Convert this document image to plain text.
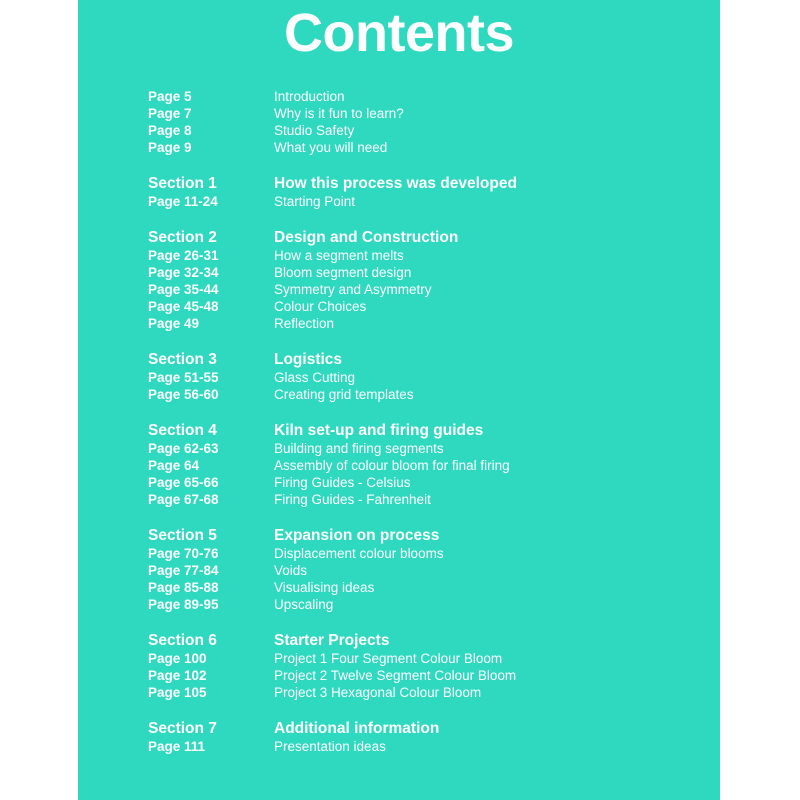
Contents
Page 5	Introduction
Page 7	Why is it fun to learn?
Page 8	Studio Safety
Page 9	What you will need
Section 1	How this process was developed
Page 11-24	Starting Point
Section 2	Design and Construction
Page 26-31	How a segment melts
Page 32-34	Bloom segment design
Page 35-44	Symmetry and Asymmetry
Page 45-48	Colour Choices
Page 49	Reflection
Section 3	Logistics
Page 51-55	Glass Cutting
Page 56-60	Creating grid templates
Section 4	Kiln set-up and firing guides
Page 62-63	Building and firing segments
Page 64	Assembly of colour bloom for final firing
Page 65-66	Firing Guides - Celsius
Page 67-68	Firing Guides - Fahrenheit
Section 5	Expansion on process
Page 70-76	Displacement colour blooms
Page 77-84	Voids
Page 85-88	Visualising ideas
Page 89-95	Upscaling
Section 6	Starter Projects
Page 100	Project 1 Four Segment Colour Bloom
Page 102	Project 2 Twelve Segment Colour Bloom
Page 105	Project 3 Hexagonal Colour Bloom
Section 7	Additional information
Page 111	Presentation ideas
